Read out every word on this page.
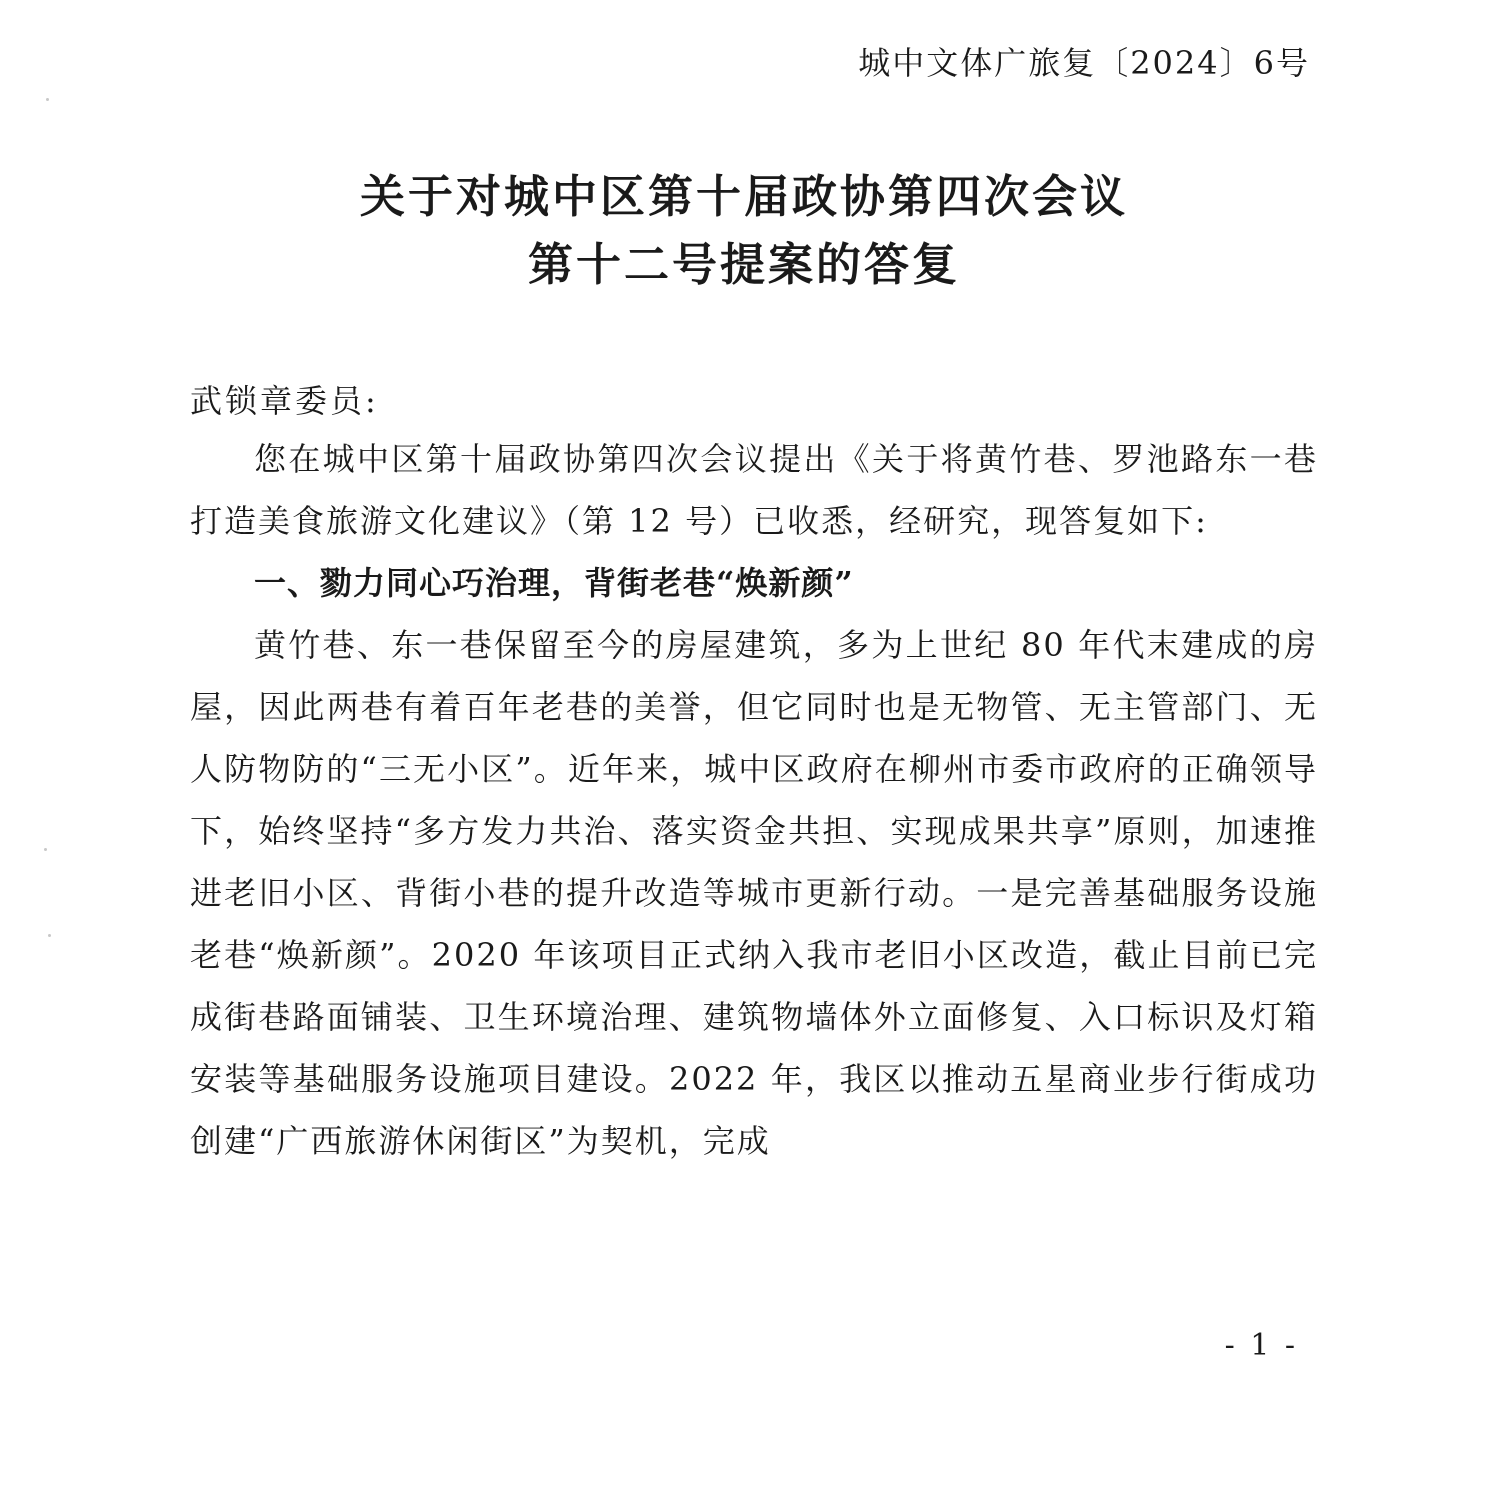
城中文体广旅复〔2024〕6号
关于对城中区第十届政协第四次会议
第十二号提案的答复
武锁章委员:

您在城中区第十届政协第四次会议提出《关于将黄竹巷、罗池路东一巷打造美食旅游文化建议》（第 12 号）已收悉，经研究，现答复如下:

一、勠力同心巧治理，背街老巷“焕新颜”

黄竹巷、东一巷保留至今的房屋建筑，多为上世纪 80 年代末建成的房屋，因此两巷有着百年老巷的美誉，但它同时也是无物管、无主管部门、无人防物防的“三无小区”。近年来，城中区政府在柳州市委市政府的正确领导下，始终坚持“多方发力共治、落实资金共担、实现成果共享”原则，加速推进老旧小区、背街小巷的提升改造等城市更新行动。一是完善基础服务设施老巷“焕新颜”。2020 年该项目正式纳入我市老旧小区改造，截止目前已完成街巷路面铺装、卫生环境治理、建筑物墙体外立面修复、入口标识及灯箱安装等基础服务设施项目建设。2022 年，我区以推动五星商业步行街成功创建“广西旅游休闲街区”为契机，完成

- 1 -
